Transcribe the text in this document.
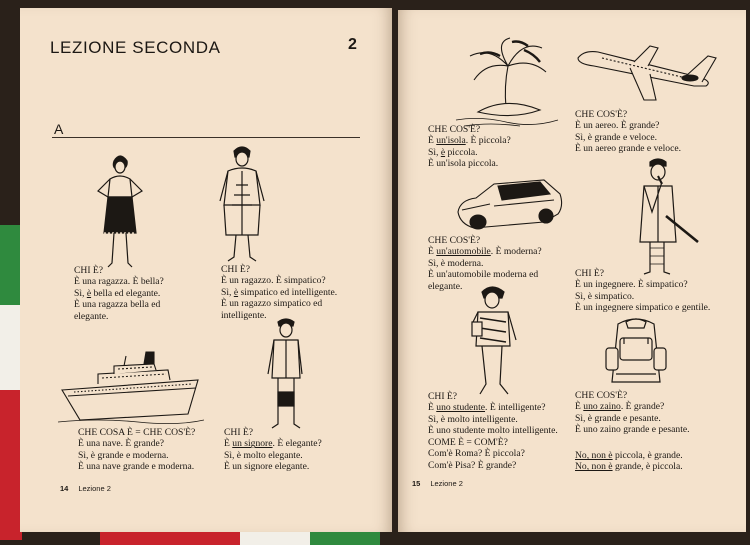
LEZIONE SECONDA	2
A
CHI È?
È una ragazza. È bella?
Sì, è bella ed elegante.
È una ragazza bella ed
elegante.
CHI È?
È un ragazzo. È simpatico?
Sì, è simpatico ed intelligente.
È un ragazzo simpatico ed
intelligente.
CHE COSA È = CHE COS'È?
È una nave. È grande?
Sì, è grande e moderna.
È una nave grande e moderna.
CHI È?
È un signore. È elegante?
Sì, è molto elegante.
È un signore elegante.
14 Lezione 2
CHE COS'È?
È un'isola. È piccola?
Sì, è piccola.
È un'isola piccola.
CHE COS'È?
È un aereo. È grande?
Sì, è grande e veloce.
È un aereo grande e veloce.
CHE COS'È?
È un'automobile. È moderna?
Sì, è moderna.
È un'automobile moderna ed
elegante.
CHI È?
È un ingegnere. È simpatico?
Sì, è simpatico.
È un ingegnere simpatico e gentile.
CHI È?
È uno studente. È intelligente?
Sì, è molto intelligente.
È uno studente molto intelligente.
CHE COS'È?
È uno zaino. È grande?
Sì, è grande e pesante.
È uno zaino grande e pesante.
COME È = COM'È?
Com'è Roma? È piccola?
Com'è Pisa? È grande?
No, non è piccola, è grande.
No, non è grande, è piccola.
15 Lezione 2
